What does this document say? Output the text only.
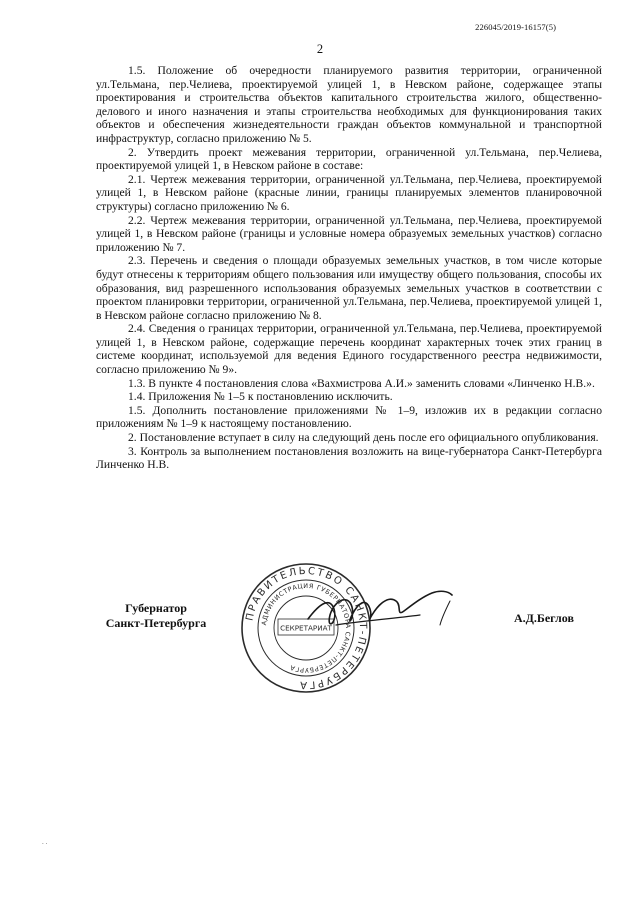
226045/2019-16157(5)
2

1.5. Положение об очередности планируемого развития территории, ограниченной ул.Тельмана, пер.Челиева, проектируемой улицей 1, в Невском районе, содержащее этапы проектирования и строительства объектов капитального строительства жилого, общественно-делового и иного назначения и этапы строительства необходимых для функционирования таких объектов и обеспечения жизнедеятельности граждан объектов коммунальной и транспортной инфраструктур, согласно приложению № 5.

2. Утвердить проект межевания территории, ограниченной ул.Тельмана, пер.Челиева, проектируемой улицей 1, в Невском районе в составе:

2.1. Чертеж межевания территории, ограниченной ул.Тельмана, пер.Челиева, проектируемой улицей 1, в Невском районе (красные линии, границы планируемых элементов планировочной структуры) согласно приложению № 6.

2.2. Чертеж межевания территории, ограниченной ул.Тельмана, пер.Челиева, проектируемой улицей 1, в Невском районе (границы и условные номера образуемых земельных участков) согласно приложению № 7.

2.3. Перечень и сведения о площади образуемых земельных участков, в том числе которые будут отнесены к территориям общего пользования или имуществу общего пользования, способы их образования, вид разрешенного использования образуемых земельных участков в соответствии с проектом планировки территории, ограниченной ул.Тельмана, пер.Челиева, проектируемой улицей 1, в Невском районе согласно приложению № 8.

2.4. Сведения о границах территории, ограниченной ул.Тельмана, пер.Челиева, проектируемой улицей 1, в Невском районе, содержащие перечень координат характерных точек этих границ в системе координат, используемой для ведения Единого государственного реестра недвижимости, согласно приложению № 9».

1.3. В пункте 4 постановления слова «Вахмистрова А.И.» заменить словами «Линченко Н.В.».

1.4. Приложения № 1–5 к постановлению исключить.

1.5. Дополнить постановление приложениями № 1–9, изложив их в редакции согласно приложениям № 1–9 к настоящему постановлению.

2. Постановление вступает в силу на следующий день после его официального опубликования.

3. Контроль за выполнением постановления возложить на вице-губернатора Санкт-Петербурга Линченко Н.В.

Губернатор
Санкт-Петербурга	ПРАВИТЕЛЬСТВО САНКТ-ПЕТЕРБУРГА
АДМИНИСТРАЦИЯ ГУБЕРНАТОРА САНКТ-ПЕТЕРБУРГА
СЕКРЕТАРИАТ
А.Д.Беглов
. .
